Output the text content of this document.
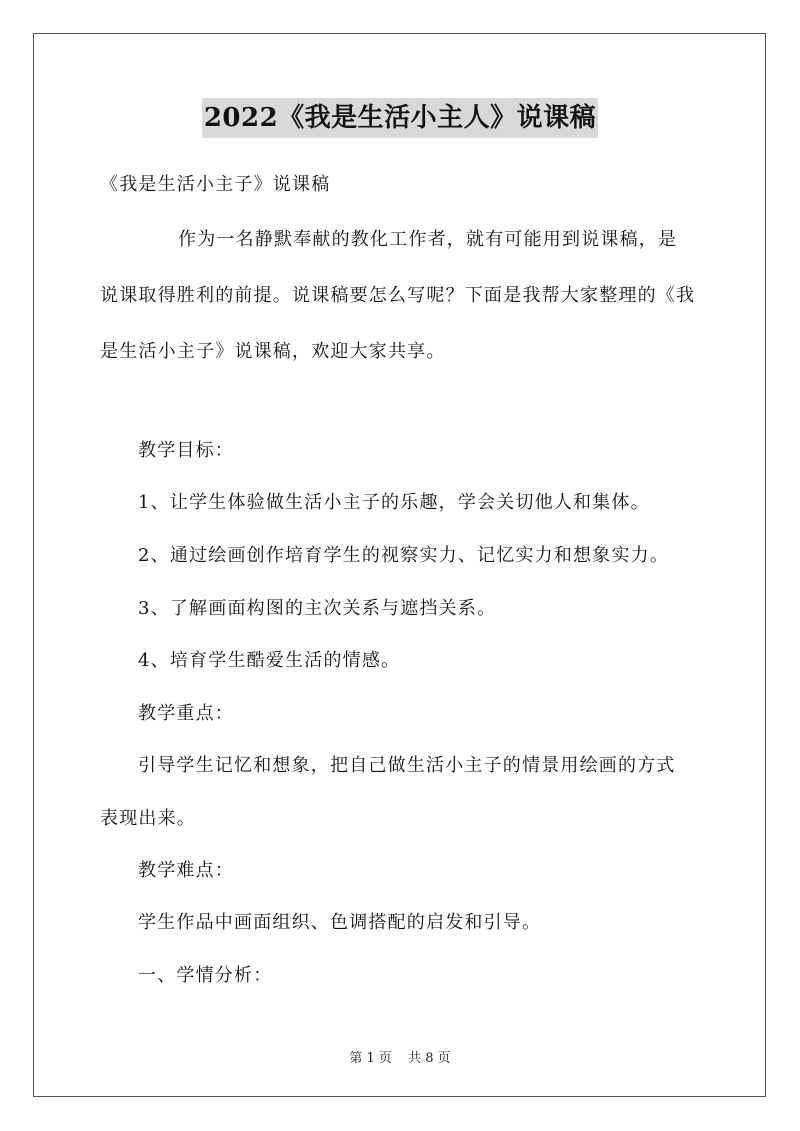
2022《我是生活小主人》说课稿
《我是生活小主子》说课稿
作为一名静默奉献的教化工作者，就有可能用到说课稿，是
说课取得胜利的前提。说课稿要怎么写呢？下面是我帮大家整理的《我
是生活小主子》说课稿，欢迎大家共享。
教学目标：
1、让学生体验做生活小主子的乐趣，学会关切他人和集体。
2、通过绘画创作培育学生的视察实力、记忆实力和想象实力。
3、了解画面构图的主次关系与遮挡关系。
4、培育学生酷爱生活的情感。
教学重点：
引导学生记忆和想象，把自己做生活小主子的情景用绘画的方式
表现出来。
教学难点：
学生作品中画面组织、色调搭配的启发和引导。
一、学情分析：
第 1 页 共 8 页
